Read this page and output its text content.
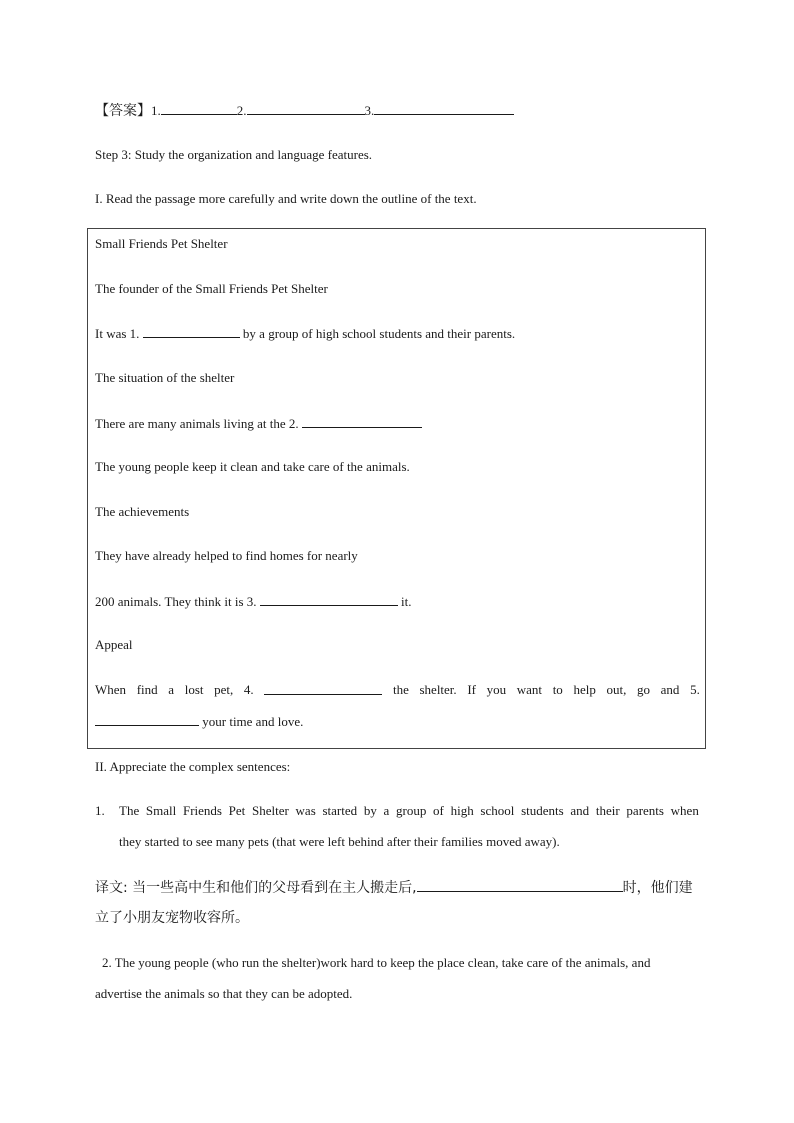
【答案】1.	2.	3.
Step 3: Study the organization and language features.
I. Read the passage more carefully and write down the outline of the text.
Small Friends Pet Shelter
The founder of the Small Friends Pet Shelter
It was 1.	by a group of high school students and their parents.
The situation of the shelter
There are many animals living at the 2.
The young people keep it clean and take care of the animals.
The achievements
They have already helped to find homes for nearly
200 animals. They think it is 3.	it.
Appeal
When find a lost pet, 4.	the shelter. If you want to help out, go and 5.
your time and love.
II. Appreciate the complex sentences:
1. The Small Friends Pet Shelter was started by a group of high school students and their parents when
they started to see many pets (that were left behind after their families moved away).
译文: 当一些高中生和他们的父母看到在主人搬走后,	时，他们建
立了小朋友宠物收容所。
2. The young people (who run the shelter)work hard to keep the place clean, take care of the animals, and
advertise the animals so that they can be adopted.
